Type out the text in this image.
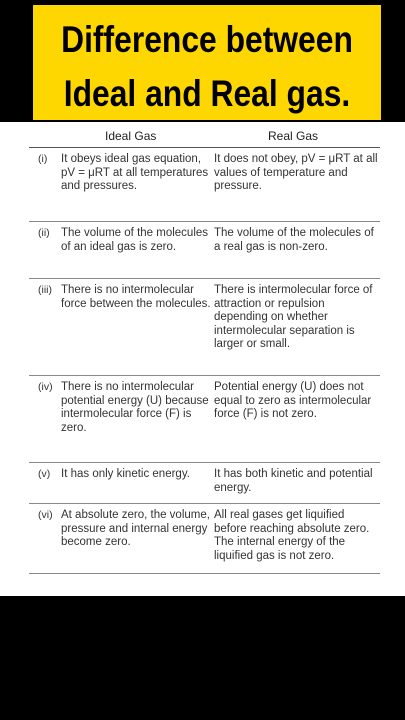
Difference between
Ideal and Real gas.
Ideal Gas	Real Gas
(i) It obeys ideal gas equation, pV = μRT at all temperatures and pressures.
It does not obey, pV = μRT at all values of temperature and pressure.
(ii) The volume of the molecules of an ideal gas is zero.
The volume of the molecules of a real gas is non-zero.
(iii) There is no intermolecular force between the molecules.
There is intermolecular force of attraction or repulsion depending on whether intermolecular separation is larger or small.
(iv) There is no intermolecular potential energy (U) because intermolecular force (F) is zero.
Potential energy (U) does not equal to zero as intermolecular force (F) is not zero.
(v) It has only kinetic energy.	It has both kinetic and potential energy.
(vi) At absolute zero, the volume, pressure and internal energy become zero.
All real gases get liquified before reaching absolute zero. The internal energy of the liquified gas is not zero.
